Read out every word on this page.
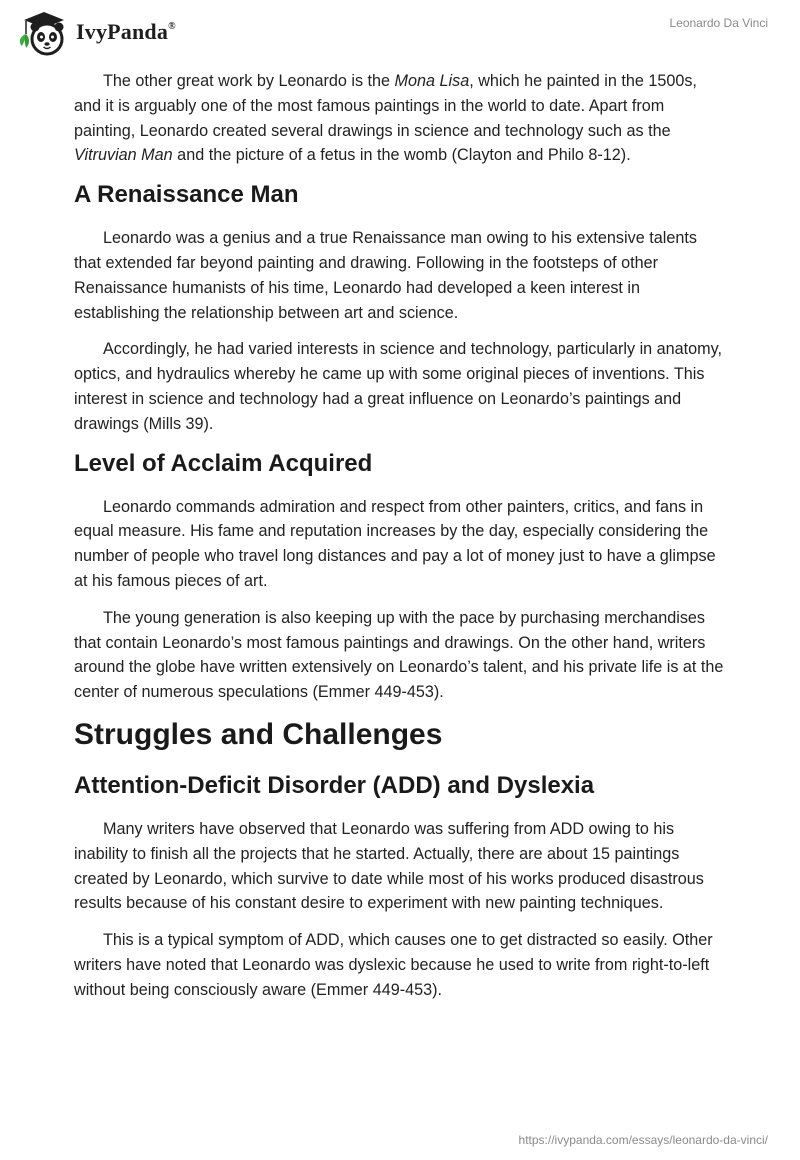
IvyPanda®	Leonardo Da Vinci

The other great work by Leonardo is the Mona Lisa, which he painted in the 1500s, and it is arguably one of the most famous paintings in the world to date. Apart from painting, Leonardo created several drawings in science and technology such as the Vitruvian Man and the picture of a fetus in the womb (Clayton and Philo 8-12).

A Renaissance Man

Leonardo was a genius and a true Renaissance man owing to his extensive talents that extended far beyond painting and drawing. Following in the footsteps of other Renaissance humanists of his time, Leonardo had developed a keen interest in establishing the relationship between art and science.

Accordingly, he had varied interests in science and technology, particularly in anatomy, optics, and hydraulics whereby he came up with some original pieces of inventions. This interest in science and technology had a great influence on Leonardo’s paintings and drawings (Mills 39).

Level of Acclaim Acquired

Leonardo commands admiration and respect from other painters, critics, and fans in equal measure. His fame and reputation increases by the day, especially considering the number of people who travel long distances and pay a lot of money just to have a glimpse at his famous pieces of art.

The young generation is also keeping up with the pace by purchasing merchandises that contain Leonardo’s most famous paintings and drawings. On the other hand, writers around the globe have written extensively on Leonardo’s talent, and his private life is at the center of numerous speculations (Emmer 449-453).

Struggles and Challenges
Attention-Deficit Disorder (ADD) and Dyslexia

Many writers have observed that Leonardo was suffering from ADD owing to his inability to finish all the projects that he started. Actually, there are about 15 paintings created by Leonardo, which survive to date while most of his works produced disastrous results because of his constant desire to experiment with new painting techniques.

This is a typical symptom of ADD, which causes one to get distracted so easily. Other writers have noted that Leonardo was dyslexic because he used to write from right-to-left without being consciously aware (Emmer 449-453).

https://ivypanda.com/essays/leonardo-da-vinci/
